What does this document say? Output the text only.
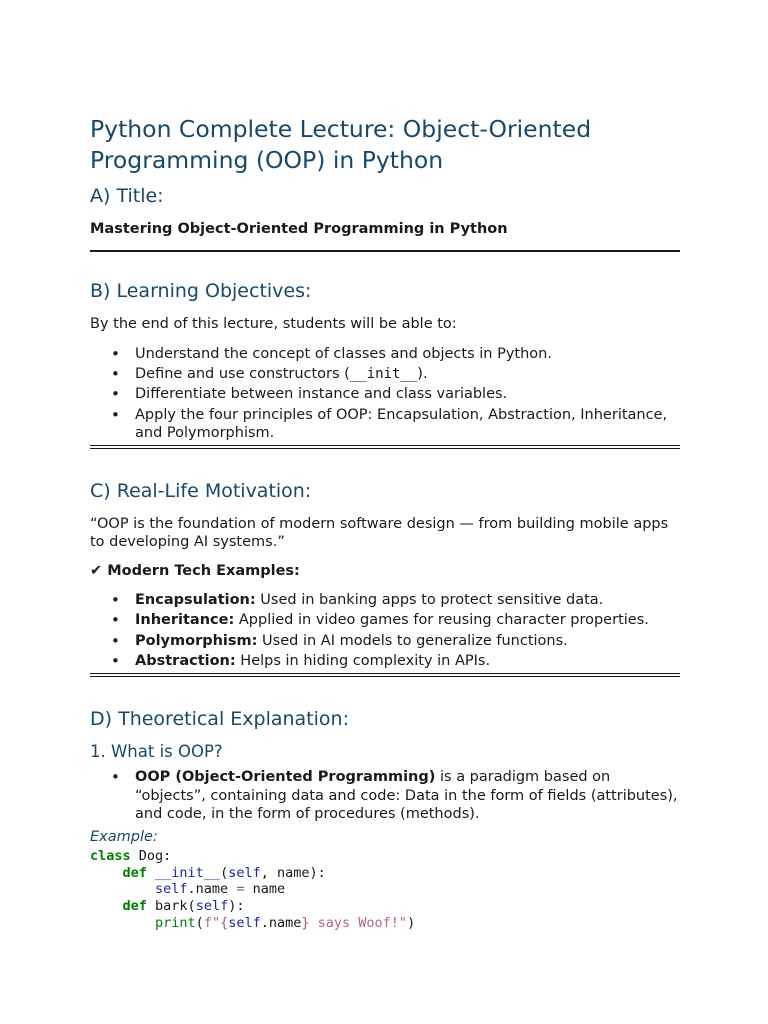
Python Complete Lecture: Object-Oriented Programming (OOP) in Python
A) Title:

Mastering Object-Oriented Programming in Python

B) Learning Objectives:

By the end of this lecture, students will be able to:

• Understand the concept of classes and objects in Python.
• Define and use constructors (__init__).
• Differentiate between instance and class variables.
• Apply the four principles of OOP: Encapsulation, Abstraction, Inheritance, and Polymorphism.
C) Real-Life Motivation:

“OOP is the foundation of modern software design — from building mobile apps to developing AI systems.”

✔ Modern Tech Examples:

• Encapsulation: Used in banking apps to protect sensitive data.
• Inheritance: Applied in video games for reusing character properties.
• Polymorphism: Used in AI models to generalize functions.
• Abstraction: Helps in hiding complexity in APIs.
D) Theoretical Explanation:
1. What is OOP?
• OOP (Object-Oriented Programming) is a paradigm based on “objects”, containing data and code: Data in the form of fields (attributes), and code, in the form of procedures (methods).

Example:

class Dog:
def __init__(self, name):
self.name = name
def bark(self):
print(f"{self.name} says Woof!")
